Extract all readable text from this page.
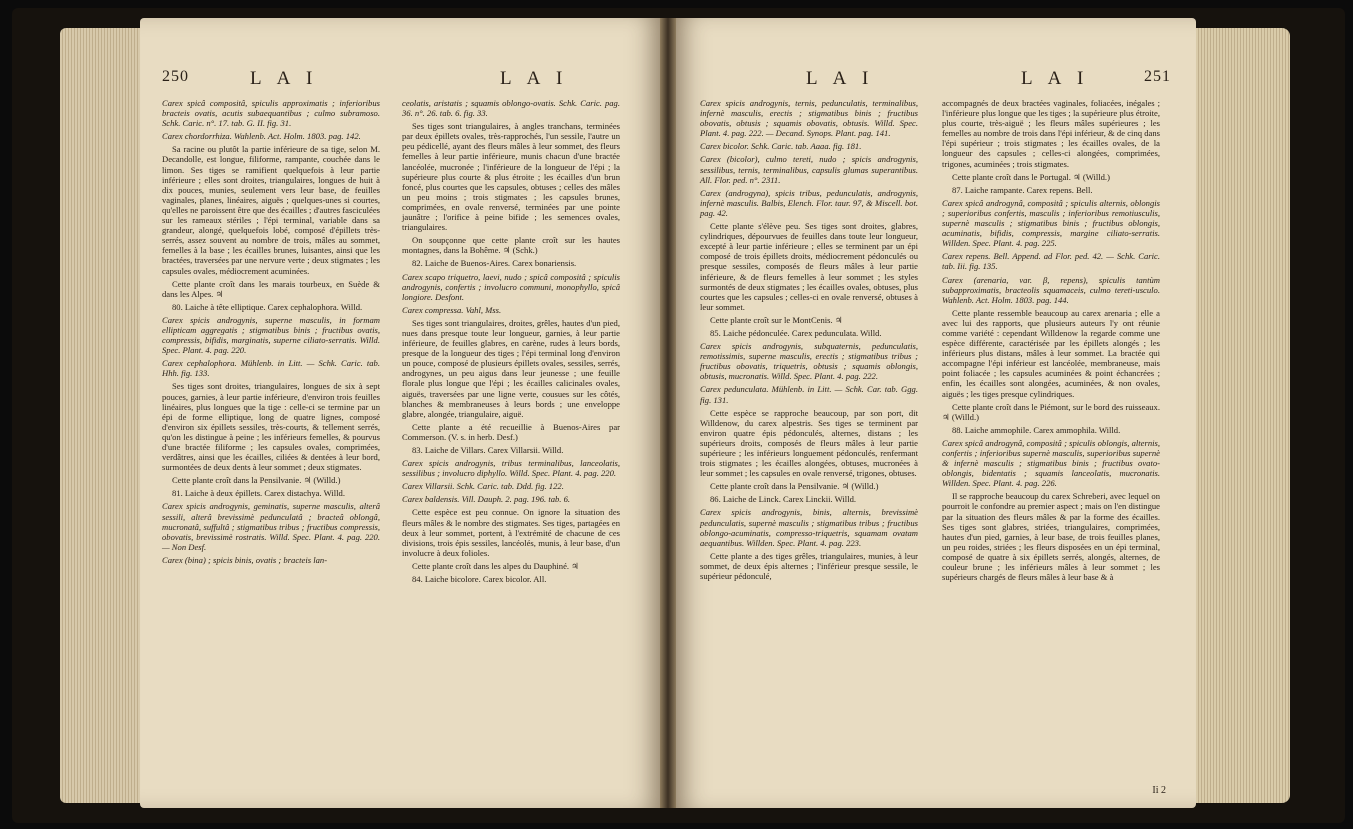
250	L A I	L A I

Carex spicâ compositâ, spiculis approximatis ; inferioribus bracteis ovatis, acutis subaequantibus ; culmo subramoso. Schk. Caric. n°. 17. tab. G. II. fig. 31.

Carex chordorrhiza. Wahlenb. Act. Holm. 1803. pag. 142.

Sa racine ou plutôt la partie inférieure de sa tige, selon M. Decandolle, est longue, filiforme, rampante, couchée dans le limon. Ses tiges se ramifient quelquefois à leur partie inférieure ; elles sont droites, triangulaires, longues de huit à dix pouces, munies, seulement vers leur base, de feuilles vaginales, planes, linéaires, aiguës ; quelques-unes si courtes, qu'elles ne paroissent être que des écailles ; d'autres fasciculées sur les rameaux stériles ; l'épi terminal, variable dans sa grandeur, alongé, quelquefois lobé, composé d'épillets très-serrés, assez souvent au nombre de trois, mâles au sommet, femelles à la base ; les écailles brunes, luisantes, ainsi que les bractées, traversées par une nervure verte ; deux stigmates ; les capsules ovales, médiocrement acuminées.

Cette plante croît dans les marais tourbeux, en Suède & dans les Alpes. ♃

80. Laiche à tête elliptique. Carex cephalophora. Willd.

Carex spicis androgynis, superne masculis, in formam ellipticam aggregatis ; stigmatibus binis ; fructibus ovatis, compressis, bifidis, marginatis, superne ciliato-serratis. Willd. Spec. Plant. 4. pag. 220.

Carex cephalophora. Mühlenb. in Litt. — Schk. Caric. tab. Hhh. fig. 133.

Ses tiges sont droites, triangulaires, longues de six à sept pouces, garnies, à leur partie inférieure, d'environ trois feuilles linéaires, plus longues que la tige : celle-ci se termine par un épi de forme elliptique, long de quatre lignes, composé d'environ six épillets sessiles, très-courts, & tellement serrés, qu'on les distingue à peine ; les inférieurs femelles, & pourvus d'une bractée filiforme ; les capsules ovales, comprimées, verdâtres, ainsi que les écailles, ciliées & dentées à leur bord, surmontées de deux dents à leur sommet ; deux stigmates.

Cette plante croît dans la Pensilvanie. ♃ (Willd.)

81. Laiche à deux épillets. Carex distachya. Willd.

Carex spicis androgynis, geminatis, superne masculis, alterâ sessili, alterâ brevissimè pedunculatâ ; bracteâ oblongâ, mucronatâ, suffultâ ; stigmatibus tribus ; fructibus compressis, obovatis, brevissimè rostratis. Willd. Spec. Plant. 4. pag. 220. — Non Desf.

Carex (bina) ; spicis binis, ovatis ; bracteis lan-

ceolatis, aristatis ; squamis oblongo-ovatis. Schk. Caric. pag. 36. n°. 26. tab. 6. fig. 33.

Ses tiges sont triangulaires, à angles tranchans, terminées par deux épillets ovales, très-rapprochés, l'un sessile, l'autre un peu pédicellé, ayant des fleurs mâles à leur sommet, des fleurs femelles à leur partie inférieure, munis chacun d'une bractée lancéolée, mucronée ; l'inférieure de la longueur de l'épi ; la supérieure plus courte & plus étroite ; les écailles d'un brun foncé, plus courtes que les capsules, obtuses ; celles des mâles un peu moins ; trois stigmates ; les capsules brunes, comprimées, en ovale renversé, terminées par une pointe jaunâtre ; l'orifice à peine bifide ; les semences ovales, triangulaires.

On soupçonne que cette plante croît sur les hautes montagnes, dans la Bohême. ♃ (Schk.)

82. Laiche de Buenos-Aires. Carex bonariensis.

Carex scapo triquetro, laevi, nudo ; spicâ compositâ ; spiculis androgynis, confertis ; involucro communi, monophyllo, spicâ longiore. Desfont.

Carex compressa. Vahl, Mss.

Ses tiges sont triangulaires, droites, grêles, hautes d'un pied, nues dans presque toute leur longueur, garnies, à leur partie inférieure, de feuilles glabres, en carène, rudes à leurs bords, presque de la longueur des tiges ; l'épi terminal long d'environ un pouce, composé de plusieurs épillets ovales, sessiles, serrés, androgynes, un peu aigus dans leur jeunesse ; une feuille florale plus longue que l'épi ; les écailles calicinales ovales, aiguës, traversées par une ligne verte, cousues sur les côtés, blanches & membraneuses à leurs bords ; une enveloppe glabre, alongée, triangulaire, aiguë.

Cette plante a été recueillie à Buenos-Aires par Commerson. (V. s. in herb. Desf.)

83. Laiche de Villars. Carex Villarsii. Willd.

Carex spicis androgynis, tribus terminalibus, lanceolatis, sessilibus ; involucro diphyllo. Willd. Spec. Plant. 4. pag. 220.

Carex Villarsii. Schk. Caric. tab. Ddd. fig. 122.

Carex baldensis. Vill. Dauph. 2. pag. 196. tab. 6.

Cette espèce est peu connue. On ignore la situation des fleurs mâles & le nombre des stigmates. Ses tiges, partagées en deux à leur sommet, portent, à l'extrémité de chacune de ces divisions, trois épis sessiles, lancéolés, munis, à leur base, d'un involucre à deux folioles.

Cette plante croît dans les alpes du Dauphiné. ♃

84. Laiche bicolore. Carex bicolor. All.

L A I	L A I	251

Carex spicis androgynis, ternis, pedunculatis, terminalibus, infernè masculis, erectis ; stigmatibus binis ; fructibus obovatis, obtusis ; squamis obovatis, obtusis. Willd. Spec. Plant. 4. pag. 222. — Decand. Synops. Plant. pag. 141.

Carex bicolor. Schk. Caric. tab. Aaaa. fig. 181.

Carex (bicolor), culmo tereti, nudo ; spicis androgynis, sessilibus, ternis, terminalibus, capsulis glumas superantibus. All. Flor. ped. n°. 2311.

Carex (androgyna), spicis tribus, pedunculatis, androgynis, infernè masculis. Balbis, Elench. Flor. taur. 97, & Miscell. bot. pag. 42.

Cette plante s'élève peu. Ses tiges sont droites, glabres, cylindriques, dépourvues de feuilles dans toute leur longueur, excepté à leur partie inférieure ; elles se terminent par un épi composé de trois épillets droits, médiocrement pédonculés ou presque sessiles, composés de fleurs mâles à leur partie inférieure, & de fleurs femelles à leur sommet ; les styles surmontés de deux stigmates ; les écailles ovales, obtuses, plus courtes que les capsules ; celles-ci en ovale renversé, obtuses à leur sommet.

Cette plante croît sur le MontCenis. ♃

85. Laiche pédonculée. Carex pedunculata. Willd.

Carex spicis androgynis, subquaternis, pedunculatis, remotissimis, superne masculis, erectis ; stigmatibus tribus ; fructibus obovatis, triquetris, obtusis ; squamis oblongis, obtusis, mucronatis. Willd. Spec. Plant. 4. pag. 222.

Carex pedunculata. Mühlenb. in Litt. — Schk. Car. tab. Ggg. fig. 131.

Cette espèce se rapproche beaucoup, par son port, dit Willdenow, du carex alpestris. Ses tiges se terminent par environ quatre épis pédonculés, alternes, distans ; les supérieurs droits, composés de fleurs mâles à leur partie supérieure ; les inférieurs longuement pédonculés, renfermant trois stigmates ; les écailles alongées, obtuses, mucronées à leur sommet ; les capsules en ovale renversé, trigones, obtuses.

Cette plante croît dans la Pensilvanie. ♃ (Willd.)

86. Laiche de Linck. Carex Linckii. Willd.

Carex spicis androgynis, binis, alternis, brevissimè pedunculatis, supernè masculis ; stigmatibus tribus ; fructibus oblongo-acuminatis, compresso-triquetris, squamam ovatam aequantibus. Willden. Spec. Plant. 4. pag. 223.

Cette plante a des tiges grêles, triangulaires, munies, à leur sommet, de deux épis alternes ; l'inférieur presque sessile, le supérieur pédonculé,

accompagnés de deux bractées vaginales, foliacées, inégales ; l'inférieure plus longue que les tiges ; la supérieure plus étroite, plus courte, très-aiguë ; les fleurs mâles supérieures ; les femelles au nombre de trois dans l'épi inférieur, & de cinq dans l'épi supérieur ; trois stigmates ; les écailles ovales, de la longueur des capsules ; celles-ci alongées, comprimées, trigones, acuminées ; trois stigmates.

Cette plante croît dans le Portugal. ♃ (Willd.)

87. Laiche rampante. Carex repens. Bell.

Carex spicâ androgynâ, compositâ ; spiculis alternis, oblongis ; superioribus confertis, masculis ; inferioribus remotiusculis, supernè masculis ; stigmatibus binis ; fructibus oblongis, acuminatis, bifidis, compressis, margine ciliato-serratis. Willden. Spec. Plant. 4. pag. 225.

Carex repens. Bell. Append. ad Flor. ped. 42. — Schk. Caric. tab. Iii. fig. 135.

Carex (arenaria, var. β, repens), spiculis tantùm subapproximatis, bracteolis squamaceis, culmo tereti-usculo. Wahlenb. Act. Holm. 1803. pag. 144.

Cette plante ressemble beaucoup au carex arenaria ; elle a avec lui des rapports, que plusieurs auteurs l'y ont réunie comme variété : cependant Willdenow la regarde comme une espèce différente, caractérisée par les épillets alongés ; les inférieurs plus distans, mâles à leur sommet. La bractée qui accompagne l'épi inférieur est lancéolée, membraneuse, mais point foliacée ; les capsules acuminées & point échancrées ; enfin, les écailles sont alongées, acuminées, & non ovales, aiguës ; les tiges presque cylindriques.

Cette plante croît dans le Piémont, sur le bord des ruisseaux. ♃ (Willd.)

88. Laiche ammophile. Carex ammophila. Willd.

Carex spicâ androgynâ, compositâ ; spiculis oblongis, alternis, confertis ; inferioribus supernè masculis, superioribus supernè & infernè masculis ; stigmatibus binis ; fructibus ovato-oblongis, bidentatis ; squamis lanceolatis, mucronatis. Willden. Spec. Plant. 4. pag. 226.

Il se rapproche beaucoup du carex Schreberi, avec lequel on pourroit le confondre au premier aspect ; mais on l'en distingue par la situation des fleurs mâles & par la forme des écailles. Ses tiges sont glabres, striées, triangulaires, comprimées, hautes d'un pied, garnies, à leur base, de trois feuilles planes, un peu roides, striées ; les fleurs disposées en un épi terminal, composé de quatre à six épillets serrés, alongés, alternes, de couleur brune ; les inférieurs mâles à leur sommet ; les supérieurs chargés de fleurs mâles à leur base & à

Ii 2
